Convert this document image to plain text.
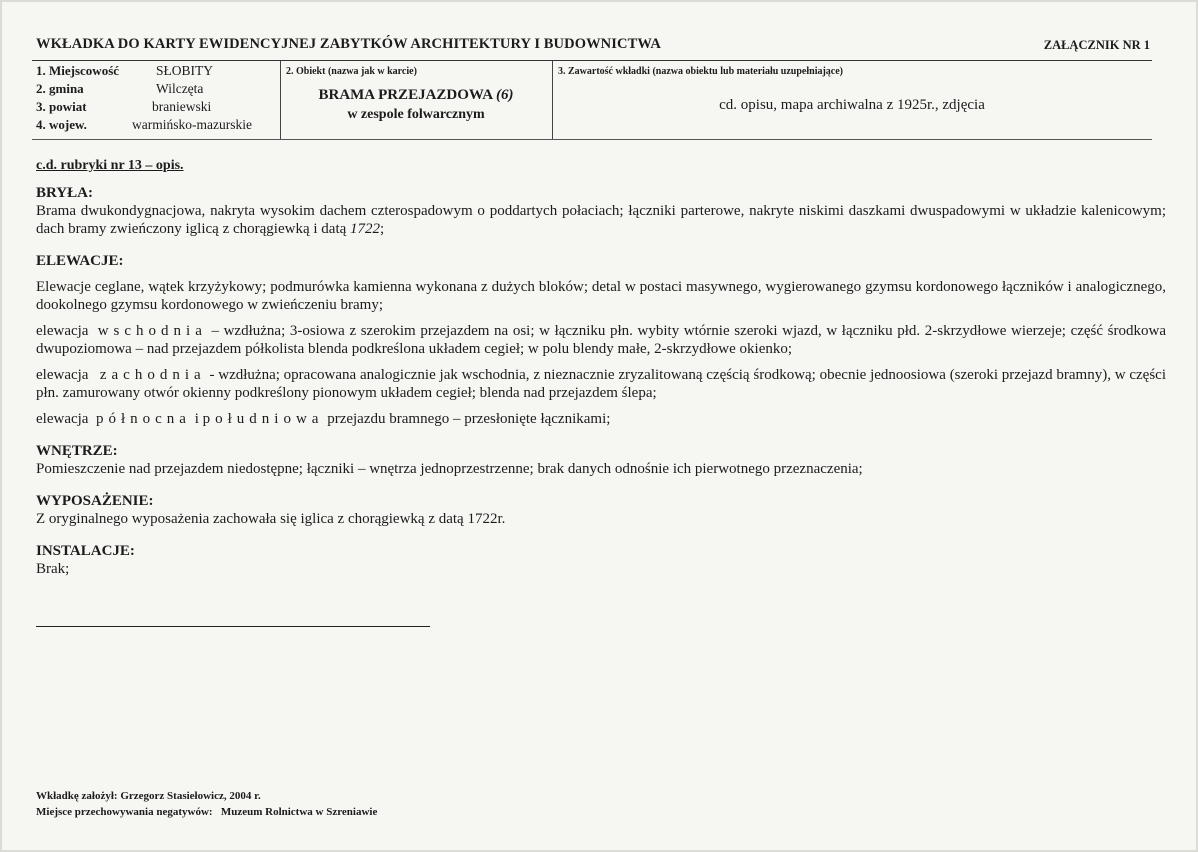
WKŁADKA DO KARTY EWIDENCYJNEJ ZABYTKÓW ARCHITEKTURY I BUDOWNICTWA	ZAŁĄCZNIK NR 1
1. Miejscowość	SŁOBITY
2. gmina	Wilczęta
3. powiat	braniewski
4. wojew.	warmińsko-mazurskie
2. Obiekt (nazwa jak w karcie)
BRAMA PRZEJAZDOWA (6)
w zespole folwarcznym
3. Zawartość wkładki (nazwa obiektu lub materiału uzupełniające)
cd. opisu, mapa archiwalna z 1925r., zdjęcia

c.d. rubryki nr 13 – opis.

BRYŁA:

Brama dwukondygnacjowa, nakryta wysokim dachem czterospadowym o poddartych połaciach; łączniki parterowe, nakryte niskimi daszkami dwuspadowymi w układzie kalenicowym; dach bramy zwieńczony iglicą z chorągiewką i datą 1722;

ELEWACJE:

Elewacje ceglane, wątek krzyżykowy; podmurówka kamienna wykonana z dużych bloków; detal w postaci masywnego, wygierowanego gzymsu kordonowego łączników i analogicznego, dookolnego gzymsu kordonowego w zwieńczeniu bramy;

elewacja wschodnia – wzdłużna; 3-osiowa z szerokim przejazdem na osi; w łączniku płn. wybity wtórnie szeroki wjazd, w łączniku płd. 2-skrzydłowe wierzeje; część środkowa dwupoziomowa – nad przejazdem półkolista blenda podkreślona układem cegieł; w polu blendy małe, 2-skrzydłowe okienko;

elewacja zachodnia - wzdłużna; opracowana analogicznie jak wschodnia, z nieznacznie zryzalitowaną częścią środkową; obecnie jednoosiowa (szeroki przejazd bramny), w części płn. zamurowany otwór okienny podkreślony pionowym układem cegieł; blenda nad przejazdem ślepa;

elewacja północna i południowa przejazdu bramnego – przesłonięte łącznikami;

WNĘTRZE:

Pomieszczenie nad przejazdem niedostępne; łączniki – wnętrza jednoprzestrzenne; brak danych odnośnie ich pierwotnego przeznaczenia;

WYPOSAŻENIE:

Z oryginalnego wyposażenia zachowała się iglica z chorągiewką z datą 1722r.

INSTALACJE:

Brak;

Wkładkę założył: Grzegorz Stasiełowicz, 2004 r.
Miejsce przechowywania negatywów: Muzeum Rolnictwa w Szreniawie
